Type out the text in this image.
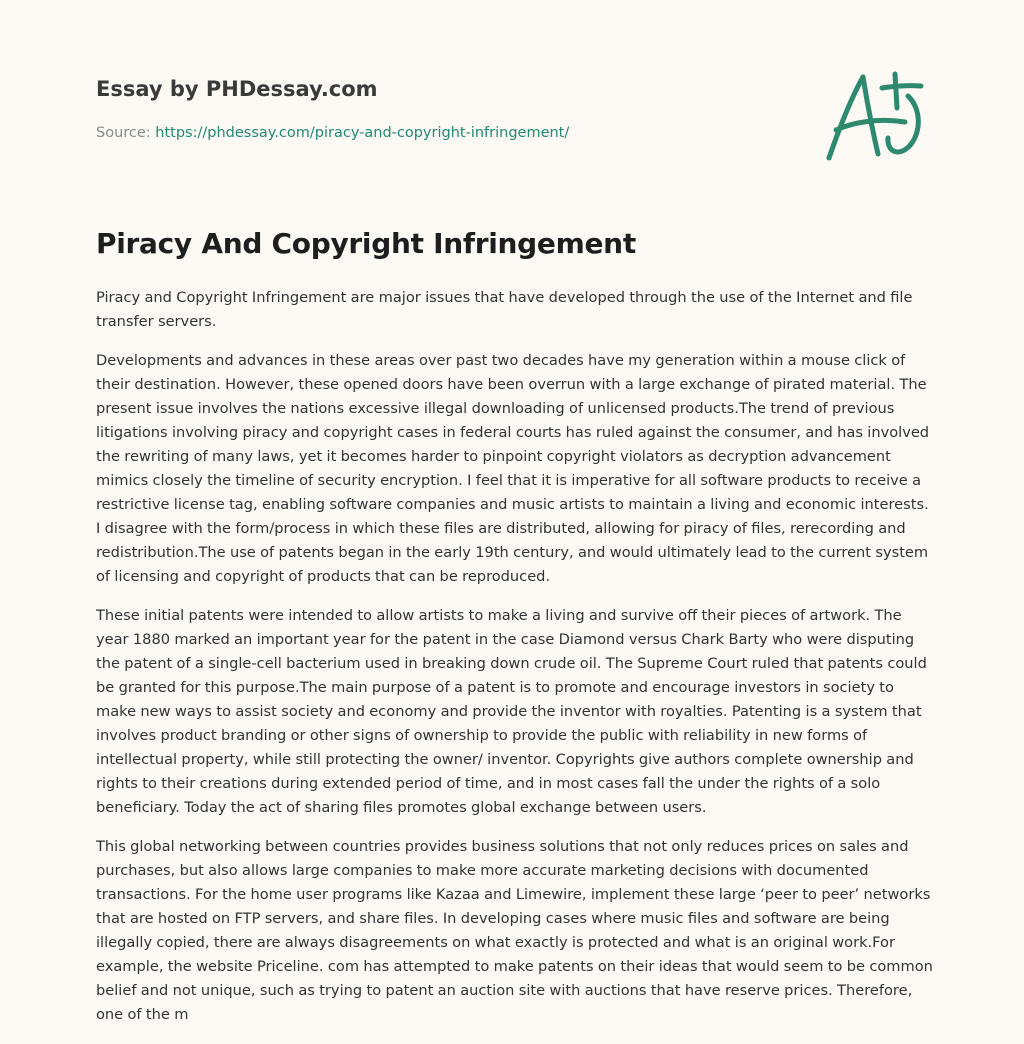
Essay by PHDessay.com
Source: https://phdessay.com/piracy-and-copyright-infringement/
Piracy And Copyright Infringement

Piracy and Copyright Infringement are major issues that have developed through the use of the Internet and file transfer servers.

Developments and advances in these areas over past two decades have my generation within a mouse click of their destination. However, these opened doors have been overrun with a large exchange of pirated material. The present issue involves the nations excessive illegal downloading of unlicensed products.The trend of previous litigations involving piracy and copyright cases in federal courts has ruled against the consumer, and has involved the rewriting of many laws, yet it becomes harder to pinpoint copyright violators as decryption advancement mimics closely the timeline of security encryption. I feel that it is imperative for all software products to receive a restrictive license tag, enabling software companies and music artists to maintain a living and economic interests. I disagree with the form/process in which these files are distributed, allowing for piracy of files, rerecording and redistribution.The use of patents began in the early 19th century, and would ultimately lead to the current system of licensing and copyright of products that can be reproduced.

These initial patents were intended to allow artists to make a living and survive off their pieces of artwork. The year 1880 marked an important year for the patent in the case Diamond versus Chark Barty who were disputing the patent of a single-cell bacterium used in breaking down crude oil. The Supreme Court ruled that patents could be granted for this purpose.The main purpose of a patent is to promote and encourage investors in society to make new ways to assist society and economy and provide the inventor with royalties. Patenting is a system that involves product branding or other signs of ownership to provide the public with reliability in new forms of intellectual property, while still protecting the owner/ inventor. Copyrights give authors complete ownership and rights to their creations during extended period of time, and in most cases fall the under the rights of a solo beneficiary. Today the act of sharing files promotes global exchange between users.

This global networking between countries provides business solutions that not only reduces prices on sales and purchases, but also allows large companies to make more accurate marketing decisions with documented transactions. For the home user programs like Kazaa and Limewire, implement these large ‘peer to peer’ networks that are hosted on FTP servers, and share files. In developing cases where music files and software are being illegally copied, there are always disagreements on what exactly is protected and what is an original work.For example, the website Priceline. com has attempted to make patents on their ideas that would seem to be common belief and not unique, such as trying to patent an auction site with auctions that have reserve prices. Therefore, one of the m
